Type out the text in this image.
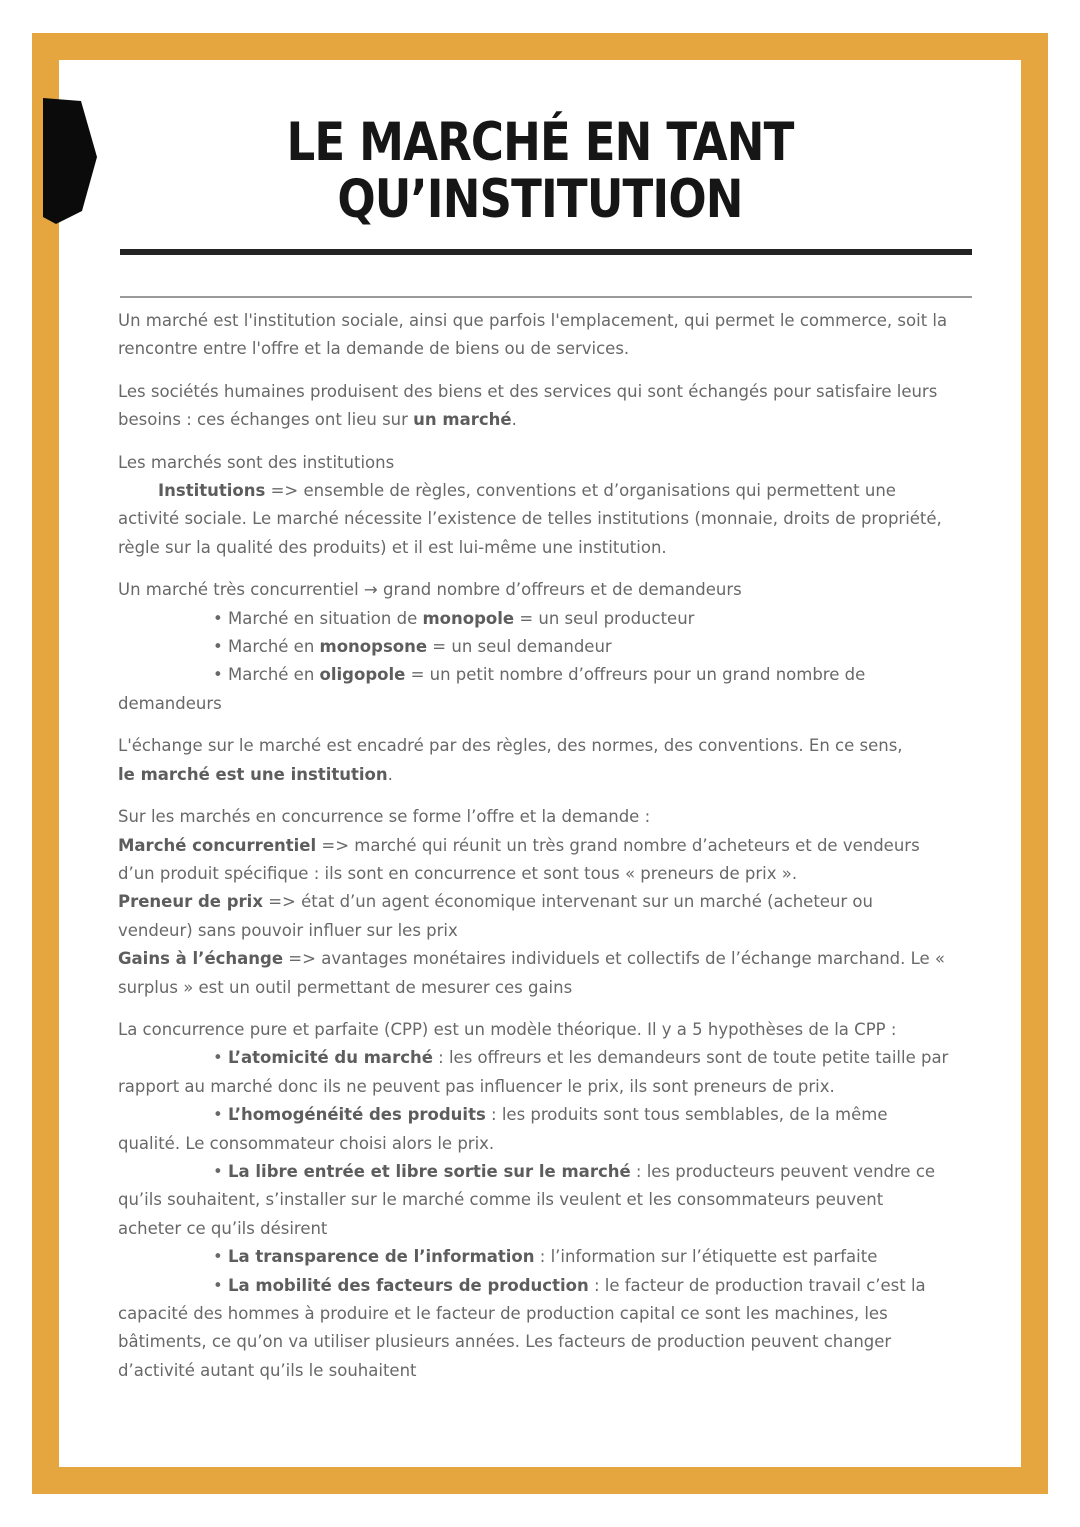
LE MARCHÉ EN TANT
QU’INSTITUTION

Un marché est l'institution sociale, ainsi que parfois l'emplacement, qui permet le commerce, soit la rencontre entre l'offre et la demande de biens ou de services.

Les sociétés humaines produisent des biens et des services qui sont échangés pour satisfaire leurs besoins : ces échanges ont lieu sur un marché.

Les marchés sont des institutions

Institutions => ensemble de règles, conventions et d’organisations qui permettent une activité sociale. Le marché nécessite l’existence de telles institutions (monnaie, droits de propriété, règle sur la qualité des produits) et il est lui-même une institution.

Un marché très concurrentiel → grand nombre d’offreurs et de demandeurs

• Marché en situation de monopole = un seul producteur

• Marché en monopsone = un seul demandeur

• Marché en oligopole = un petit nombre d’offreurs pour un grand nombre de demandeurs

L'échange sur le marché est encadré par des règles, des normes, des conventions. En ce sens,
le marché est une institution.

Sur les marchés en concurrence se forme l’offre et la demande :

Marché concurrentiel => marché qui réunit un très grand nombre d’acheteurs et de vendeurs d’un produit spécifique : ils sont en concurrence et sont tous « preneurs de prix ».

Preneur de prix => état d’un agent économique intervenant sur un marché (acheteur ou vendeur) sans pouvoir influer sur les prix

Gains à l’échange => avantages monétaires individuels et collectifs de l’échange marchand. Le « surplus » est un outil permettant de mesurer ces gains

La concurrence pure et parfaite (CPP) est un modèle théorique. Il y a 5 hypothèses de la CPP :

• L’atomicité du marché : les offreurs et les demandeurs sont de toute petite taille par rapport au marché donc ils ne peuvent pas influencer le prix, ils sont preneurs de prix.

• L’homogénéité des produits : les produits sont tous semblables, de la même qualité. Le consommateur choisi alors le prix.

• La libre entrée et libre sortie sur le marché : les producteurs peuvent vendre ce qu’ils souhaitent, s’installer sur le marché comme ils veulent et les consommateurs peuvent acheter ce qu’ils désirent

• La transparence de l’information : l’information sur l’étiquette est parfaite

• La mobilité des facteurs de production : le facteur de production travail c’est la capacité des hommes à produire et le facteur de production capital ce sont les machines, les bâtiments, ce qu’on va utiliser plusieurs années. Les facteurs de production peuvent changer d’activité autant qu’ils le souhaitent
